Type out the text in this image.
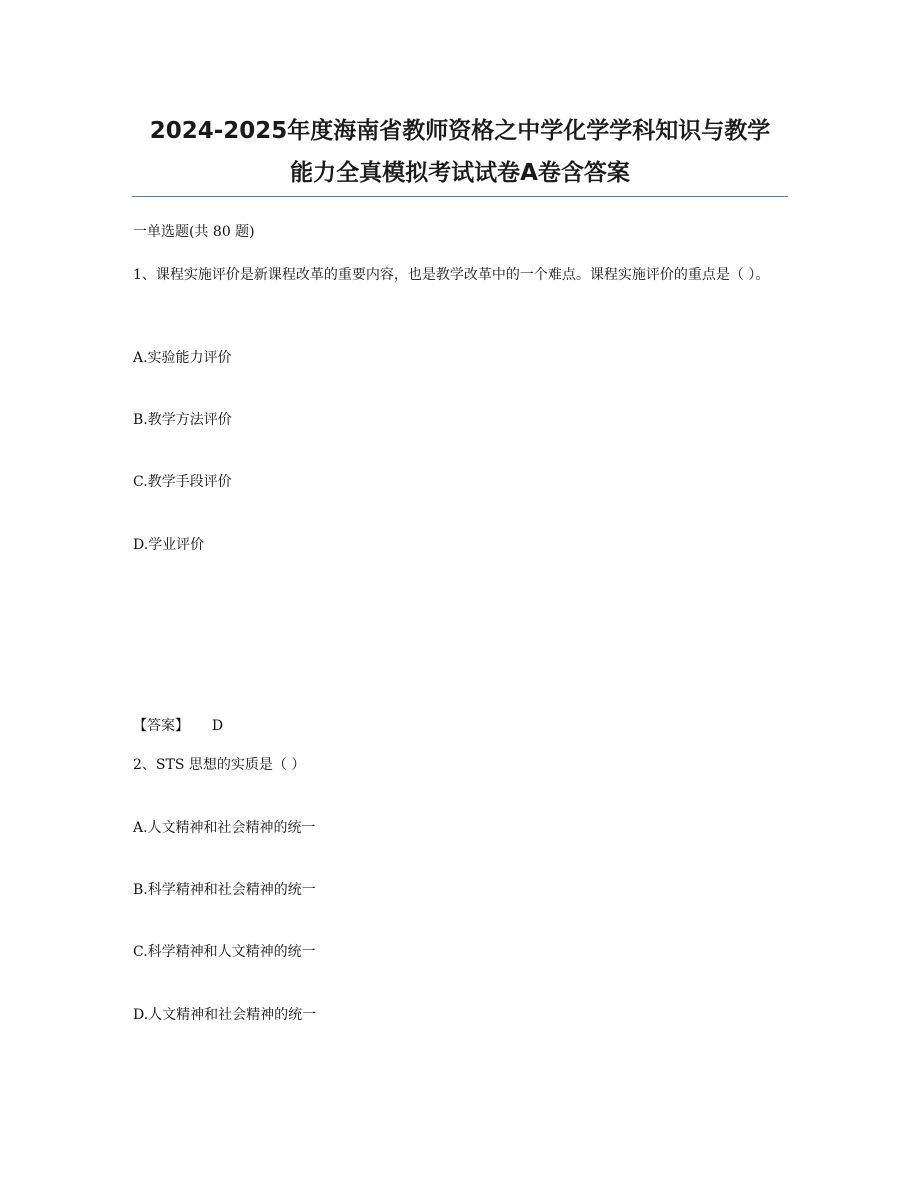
2024-2025年度海南省教师资格之中学化学学科知识与教学
能力全真模拟考试试卷A卷含答案
一单选题(共 80 题)
1、课程实施评价是新课程改革的重要内容，也是教学改革中的一个难点。课程实施评价的重点是（ ）。
A.实验能力评价
B.教学方法评价
C.教学手段评价
D.学业评价
【答案】 D
2、STS 思想的实质是（ ）
A.人文精神和社会精神的统一
B.科学精神和社会精神的统一
C.科学精神和人文精神的统一
D.人文精神和社会精神的统一
